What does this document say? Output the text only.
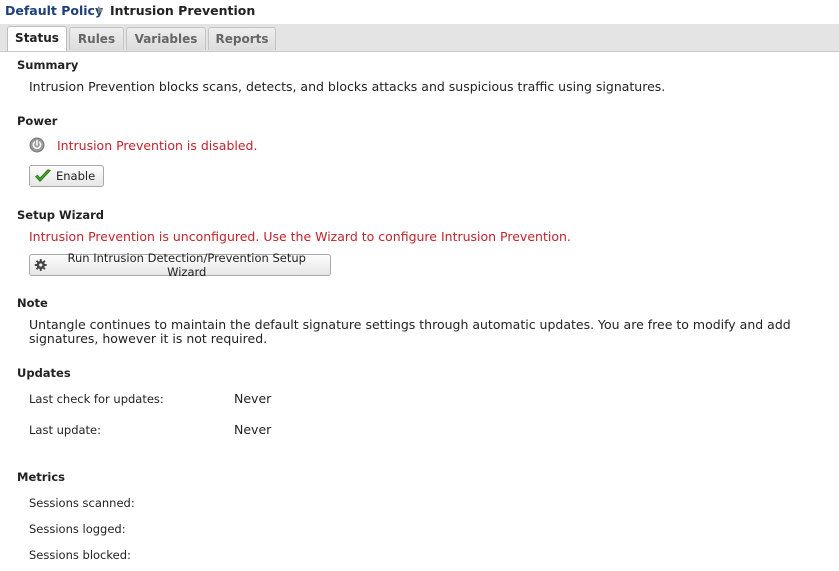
Default Policy Intrusion Prevention
Status	Rules	Variables	Reports
Summary
Intrusion Prevention blocks scans, detects, and blocks attacks and suspicious traffic using signatures.
Power
Intrusion Prevention is disabled.
Enable
Setup Wizard
Intrusion Prevention is unconfigured. Use the Wizard to configure Intrusion Prevention.
Run Intrusion Detection/Prevention Setup Wizard
Note
Untangle continues to maintain the default signature settings through automatic updates. You are free to modify and add
signatures, however it is not required.
Updates
Last check for updates:	Never
Last update:	Never
Metrics
Sessions scanned:
Sessions logged:
Sessions blocked:
